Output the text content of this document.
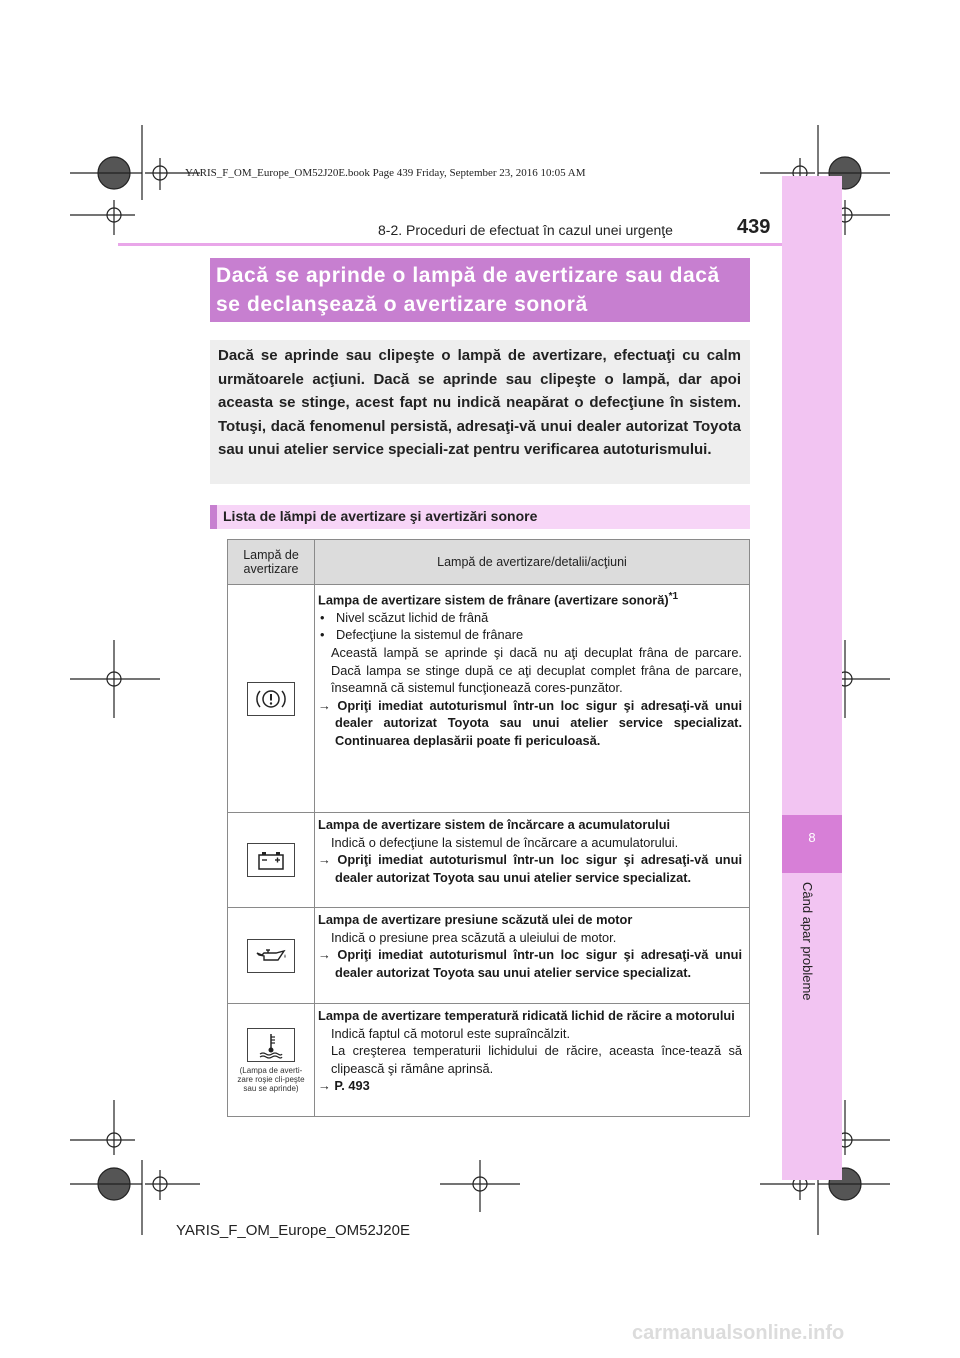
YARIS_F_OM_Europe_OM52J20E.book Page 439 Friday, September 23, 2016 10:05 AM
8-2. Proceduri de efectuat în cazul unei urgenţe	439
8
Când apar probleme
Dacă se aprinde o lampă de avertizare sau dacă se declanşează o avertizare sonoră
Dacă se aprinde sau clipeşte o lampă de avertizare, efectuaţi cu calm următoarele acţiuni. Dacă se aprinde sau clipeşte o lampă, dar apoi aceasta se stinge, acest fapt nu indică neapărat o defecţiune în sistem. Totuşi, dacă fenomenul persistă, adresaţi-vă unui dealer autorizat Toyota sau unui atelier service speciali-zat pentru verificarea autoturismului.
Lista de lămpi de avertizare şi avertizări sonore
Lampă de avertizare	Lampă de avertizare/detalii/acţiuni

Lampa de avertizare sistem de frânare (avertizare sonoră)$^{*1}$
• Nivel scăzut lichid de frână
• Defecţiune la sistemul de frânare
Această lampă se aprinde şi dacă nu aţi decuplat frâna de parcare. Dacă lampa se stinge după ce aţi decuplat complet frâna de parcare, înseamnă că sistemul funcţionează cores-punzător.
→ Opriţi imediat autoturismul într-un loc sigur şi adresaţi-vă unui dealer autorizat Toyota sau unui atelier service specializat. Continuarea deplasării poate fi periculoasă.

Lampa de avertizare sistem de încărcare a acumulatorului
Indică o defecţiune la sistemul de încărcare a acumulatorului.
→ Opriţi imediat autoturismul într-un loc sigur şi adresaţi-vă unui dealer autorizat Toyota sau unui atelier service specializat.

Lampa de avertizare presiune scăzută ulei de motor
Indică o presiune prea scăzută a uleiului de motor.
→ Opriţi imediat autoturismul într-un loc sigur şi adresaţi-vă unui dealer autorizat Toyota sau unui atelier service specializat.

(Lampa de averti-zare roşie cli-peşte sau se aprinde)	Lampa de avertizare temperatură ridicată lichid de răcire a motorului
Indică faptul că motorul este supraîncălzit.
La creşterea temperaturii lichidului de răcire, aceasta înce-tează să clipească şi rămâne aprinsă.
→ P. 493
YARIS_F_OM_Europe_OM52J20E
carmanualsonline.info
